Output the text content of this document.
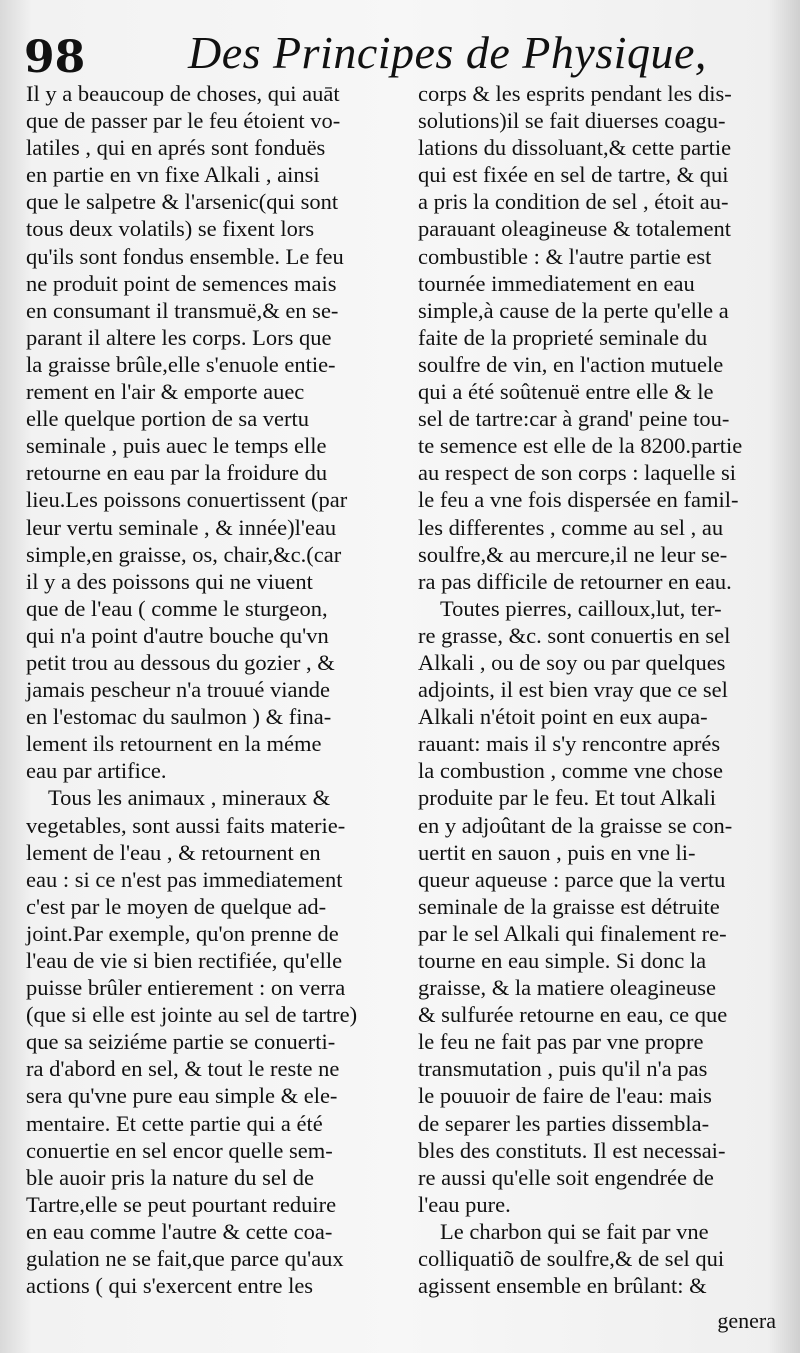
98 Des Principes de Physique,
Il y a beaucoup de choses, qui auāt
que de passer par le feu étoient vo-
latiles , qui en aprés sont fonduës
en partie en vn fixe Alkali , ainsi
que le salpetre & l'arsenic(qui sont
tous deux volatils) se fixent lors
qu'ils sont fondus ensemble. Le feu
ne produit point de semences mais
en consumant il transmuë,& en se-
parant il altere les corps. Lors que
la graisse brûle,elle s'enuole entie-
rement en l'air & emporte auec
elle quelque portion de sa vertu
seminale , puis auec le temps elle
retourne en eau par la froidure du
lieu.Les poissons conuertissent (par
leur vertu seminale , & innée)l'eau
simple,en graisse, os, chair,&c.(car
il y a des poissons qui ne viuent
que de l'eau ( comme le sturgeon,
qui n'a point d'autre bouche qu'vn
petit trou au dessous du gozier , &
jamais pescheur n'a trouué viande
en l'estomac du saulmon ) & fina-
lement ils retournent en la méme
eau par artifice.
Tous les animaux , mineraux &
vegetables, sont aussi faits materie-
lement de l'eau , & retournent en
eau : si ce n'est pas immediatement
c'est par le moyen de quelque ad-
joint.Par exemple, qu'on prenne de
l'eau de vie si bien rectifiée, qu'elle
puisse brûler entierement : on verra
(que si elle est jointe au sel de tartre)
que sa seiziéme partie se conuerti-
ra d'abord en sel, & tout le reste ne
sera qu'vne pure eau simple & ele-
mentaire. Et cette partie qui a été
conuertie en sel encor quelle sem-
ble auoir pris la nature du sel de
Tartre,elle se peut pourtant reduire
en eau comme l'autre & cette coa-
gulation ne se fait,que parce qu'aux
actions ( qui s'exercent entre les
corps & les esprits pendant les dis-
solutions)il se fait diuerses coagu-
lations du dissoluant,& cette partie
qui est fixée en sel de tartre, & qui
a pris la condition de sel , étoit au-
parauant oleagineuse & totalement
combustible : & l'autre partie est
tournée immediatement en eau
simple,à cause de la perte qu'elle a
faite de la proprieté seminale du
soulfre de vin, en l'action mutuele
qui a été soûtenuë entre elle & le
sel de tartre:car à grand' peine tou-
te semence est elle de la 8200.partie
au respect de son corps : laquelle si
le feu a vne fois dispersée en famil-
les differentes , comme au sel , au
soulfre,& au mercure,il ne leur se-
ra pas difficile de retourner en eau.
Toutes pierres, cailloux,lut, ter-
re grasse, &c. sont conuertis en sel
Alkali , ou de soy ou par quelques
adjoints, il est bien vray que ce sel
Alkali n'étoit point en eux aupa-
rauant: mais il s'y rencontre aprés
la combustion , comme vne chose
produite par le feu. Et tout Alkali
en y adjoûtant de la graisse se con-
uertit en sauon , puis en vne li-
queur aqueuse : parce que la vertu
seminale de la graisse est détruite
par le sel Alkali qui finalement re-
tourne en eau simple. Si donc la
graisse, & la matiere oleagineuse
& sulfurée retourne en eau, ce que
le feu ne fait pas par vne propre
transmutation , puis qu'il n'a pas
le pouuoir de faire de l'eau: mais
de separer les parties dissembla-
bles des constituts. Il est necessai-
re aussi qu'elle soit engendrée de
l'eau pure.
Le charbon qui se fait par vne
colliquatiõ de soulfre,& de sel qui
agissent ensemble en brûlant: &
genera
